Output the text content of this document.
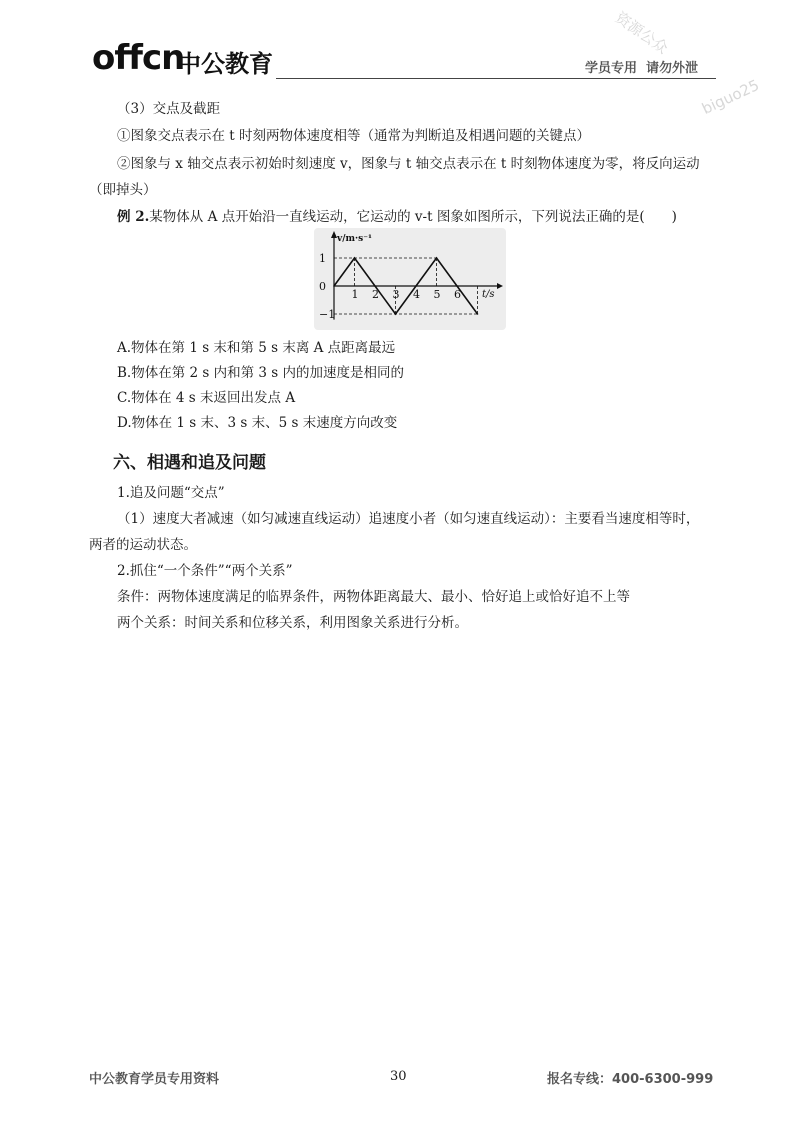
offcn
中公教育	学员专用  请勿外泄
资源公众
biguo25
（3）交点及截距
①图象交点表示在 t 时刻两物体速度相等（通常为判断追及相遇问题的关键点）
②图象与 x 轴交点表示初始时刻速度 v，图象与 t 轴交点表示在 t 时刻物体速度为零，将反向运动
（即掉头）
例 2.某物体从 A 点开始沿一直线运动，它运动的 v-t 图象如图所示，下列说法正确的是(　　)
1 2 3 4 5 6
1
0
−1
v/m·s⁻¹
t/s
A.物体在第 1 s 末和第 5 s 末离 A 点距离最远
B.物体在第 2 s 内和第 3 s 内的加速度是相同的
C.物体在 4 s 末返回出发点 A
D.物体在 1 s 末、3 s 末、5 s 末速度方向改变
六、相遇和追及问题
1.追及问题“交点”
（1）速度大者减速（如匀减速直线运动）追速度小者（如匀速直线运动）：主要看当速度相等时，
两者的运动状态。
2.抓住“一个条件”“两个关系”
条件：两物体速度满足的临界条件，两物体距离最大、最小、恰好追上或恰好追不上等
两个关系：时间关系和位移关系，利用图象关系进行分析。
中公教育学员专用资料	30	报名专线：400-6300-999
